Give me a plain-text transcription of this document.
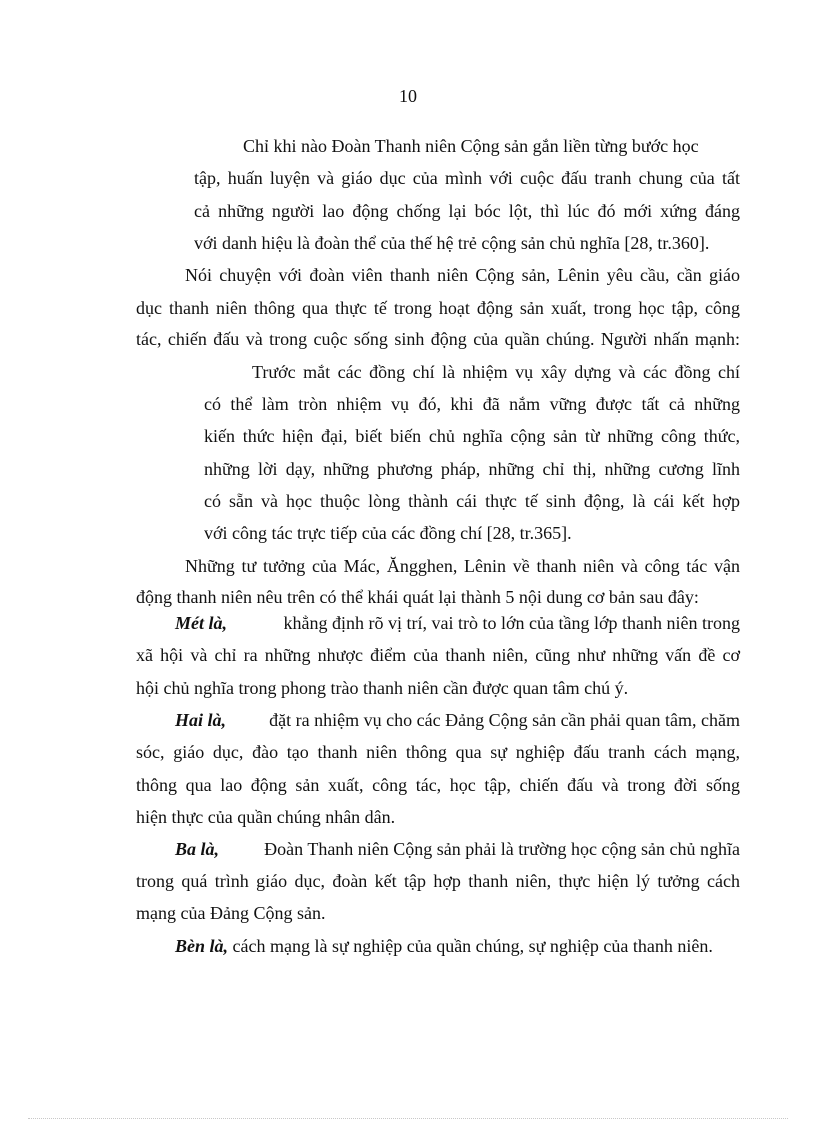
10
Chỉ khi nào Đoàn Thanh niên Cộng sản gắn liền từng bước học
tập, huấn luyện và giáo dục của mình với cuộc đấu tranh chung của tất
cả những người lao động chống lại bóc lột, thì lúc đó mới xứng đáng
với danh hiệu là đoàn thể của thế hệ trẻ cộng sản chủ nghĩa [28, tr.360].
Nói chuyện với đoàn viên thanh niên Cộng sản, Lênin yêu cầu, cần giáo
dục thanh niên thông qua thực tế trong hoạt động sản xuất, trong học tập, công
tác, chiến đấu và trong cuộc sống sinh động của quần chúng. Người nhấn mạnh:
Trước mắt các đồng chí là nhiệm vụ xây dựng và các đồng chí
có thể làm tròn nhiệm vụ đó, khi đã nắm vững được tất cả những
kiến thức hiện đại, biết biến chủ nghĩa cộng sản từ những công thức,
những lời dạy, những phương pháp, những chỉ thị, những cương lĩnh
có sẵn và học thuộc lòng thành cái thực tế sinh động, là cái kết hợp
với công tác trực tiếp của các đồng chí [28, tr.365].
Những tư tưởng của Mác, Ăngghen, Lênin về thanh niên và công tác vận
động thanh niên nêu trên có thể khái quát lại thành 5 nội dung cơ bản sau đây:
Mét là,	khẳng định rõ vị trí, vai trò to lớn của tầng lớp thanh niên trong
xã hội và chỉ ra những nhược điểm của thanh niên, cũng như những vấn đề cơ
hội chủ nghĩa trong phong trào thanh niên cần được quan tâm chú ý.
Hai là, đặt ra nhiệm vụ cho các Đảng Cộng sản cần phải quan tâm, chăm
sóc, giáo dục, đào tạo thanh niên thông qua sự nghiệp đấu tranh cách mạng,
thông qua lao động sản xuất, công tác, học tập, chiến đấu và trong đời sống
hiện thực của quần chúng nhân dân.
Ba là,	Đoàn Thanh niên Cộng sản phải là trường học cộng sản chủ nghĩa
trong quá trình giáo dục, đoàn kết tập hợp thanh niên, thực hiện lý tưởng cách
mạng của Đảng Cộng sản.
Bèn là, cách mạng là sự nghiệp của quần chúng, sự nghiệp của thanh niên.
